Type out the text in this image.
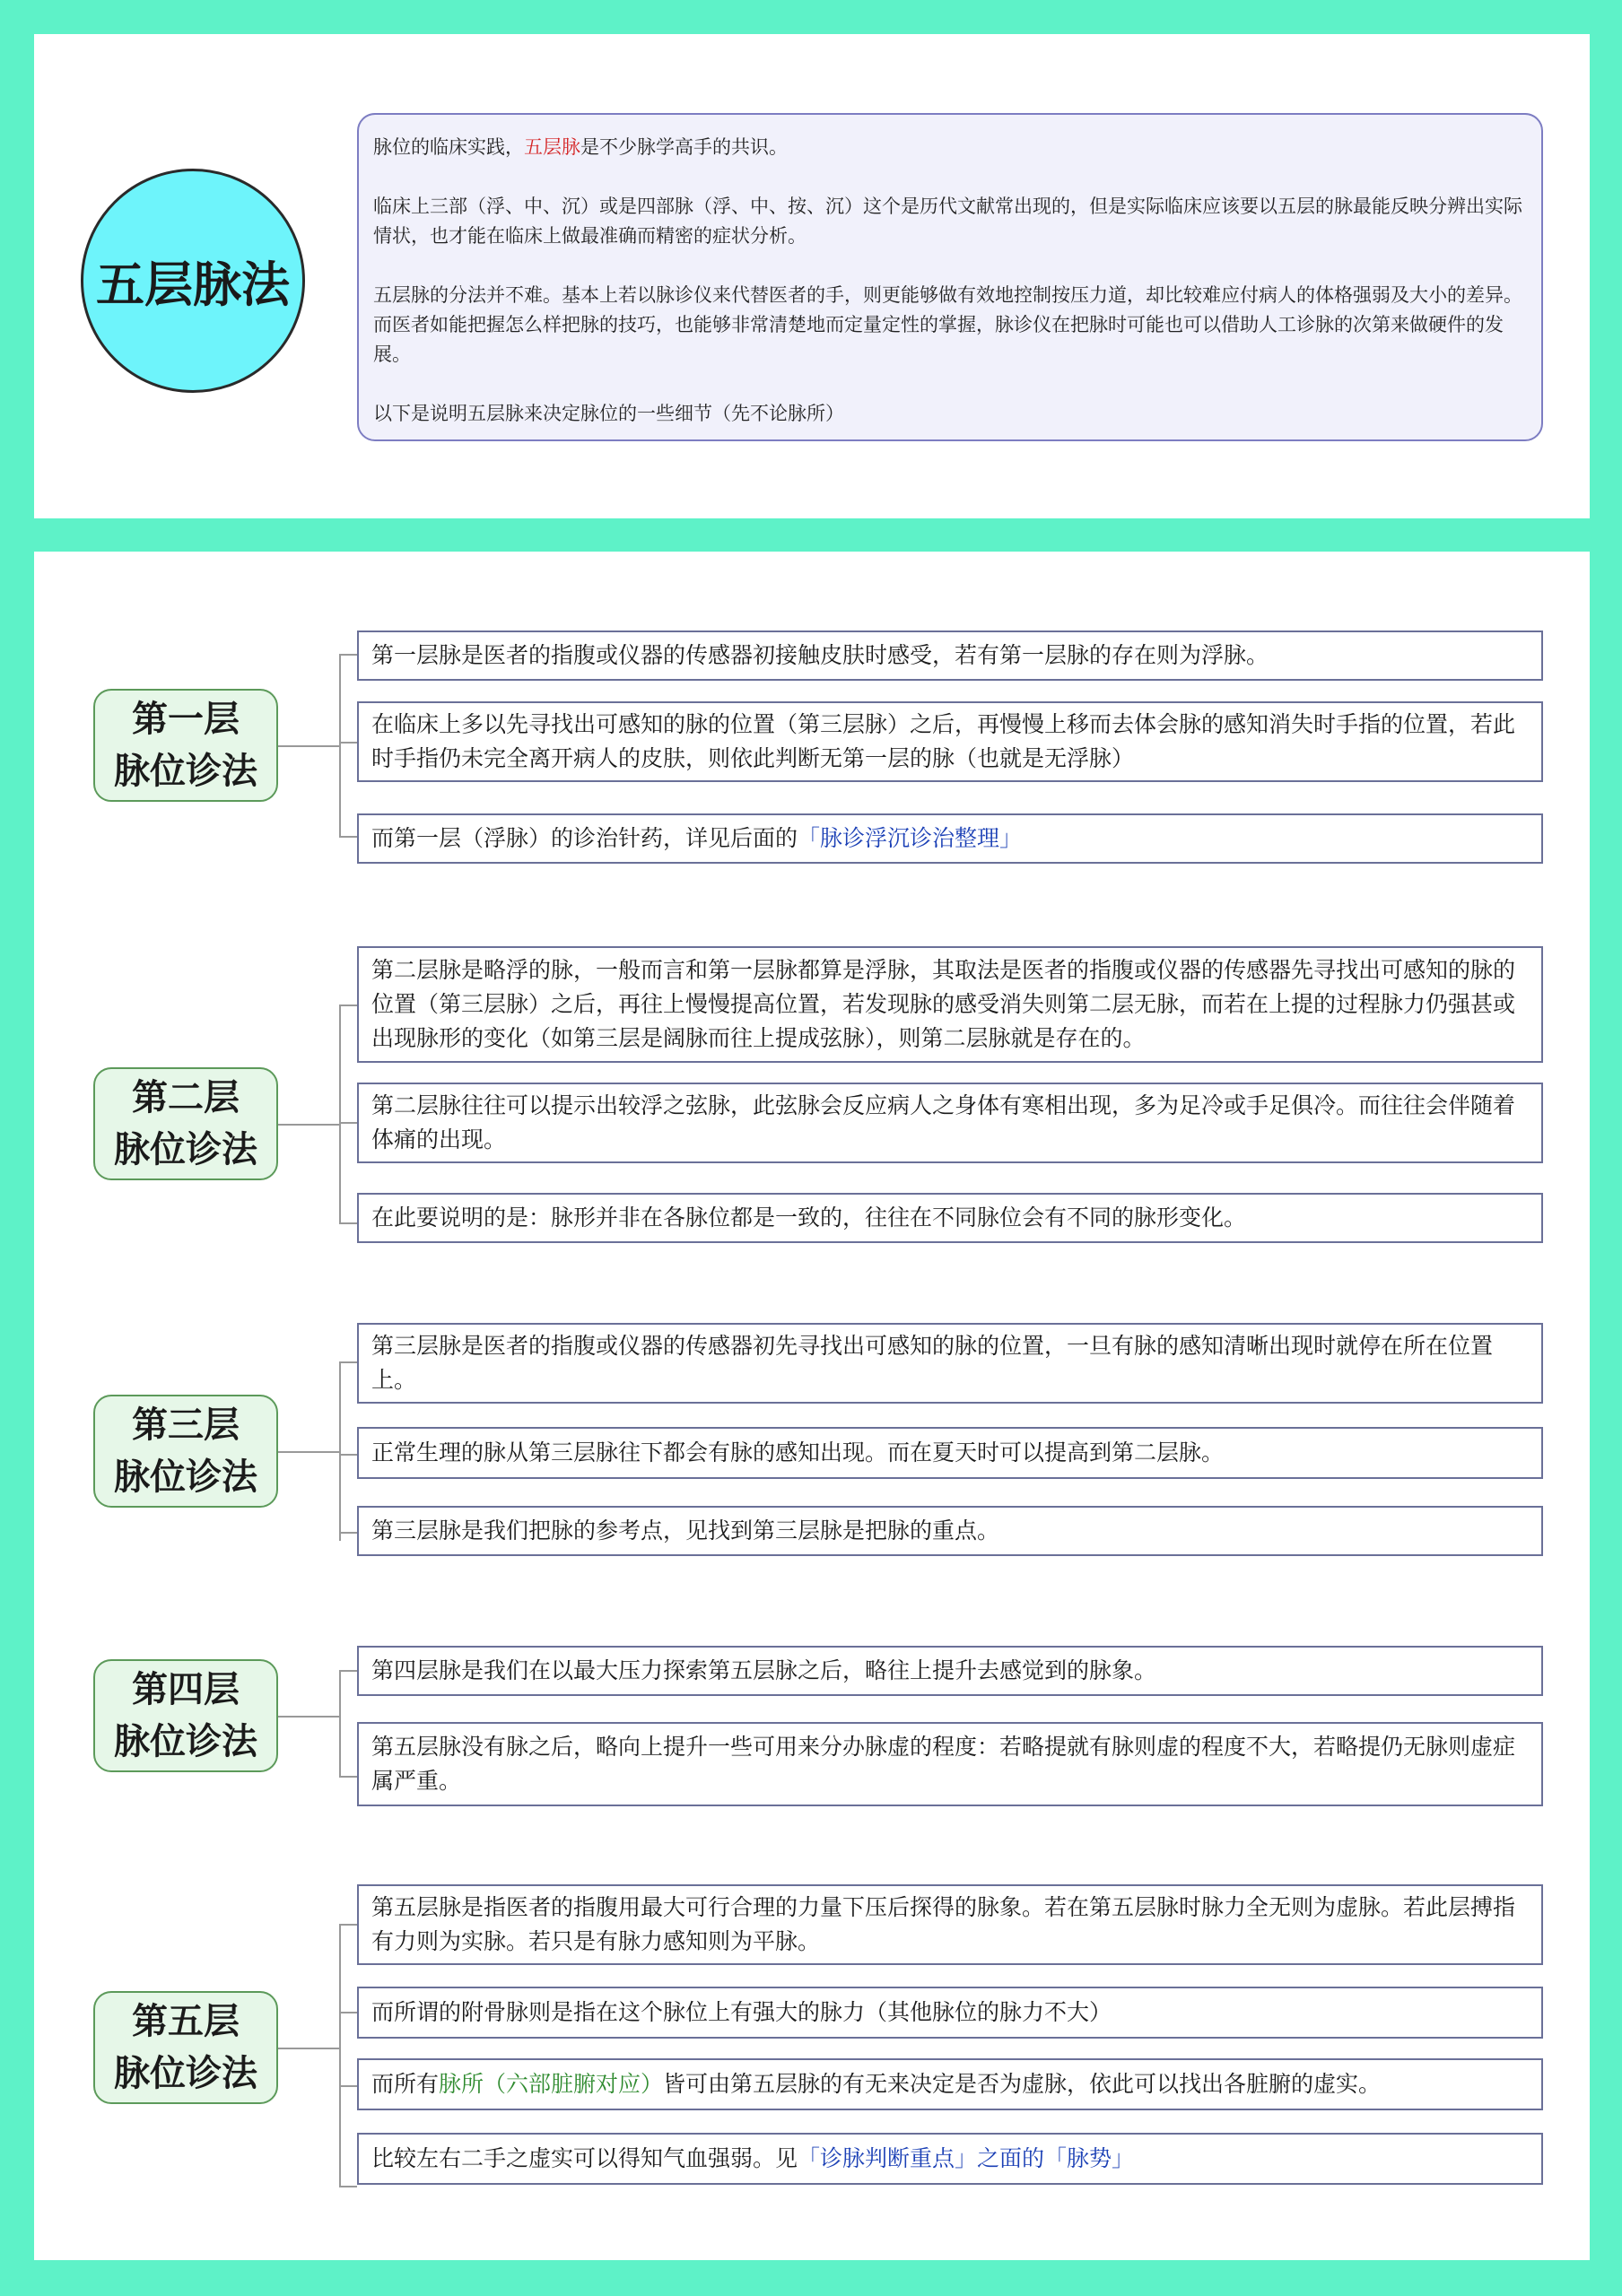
五层脉法

脉位的临床实践，五层脉是不少脉学高手的共识。

临床上三部（浮、中、沉）或是四部脉（浮、中、按、沉）这个是历代文献常出现的，但是实际临床应该要以五层的脉最能反映分辨出实际情状，也才能在临床上做最准确而精密的症状分析。

五层脉的分法并不难。基本上若以脉诊仪来代替医者的手，则更能够做有效地控制按压力道，却比较难应付病人的体格强弱及大小的差异。而医者如能把握怎么样把脉的技巧，也能够非常清楚地而定量定性的掌握，脉诊仪在把脉时可能也可以借助人工诊脉的次第来做硬件的发展。

以下是说明五层脉来决定脉位的一些细节（先不论脉所）

第一层
脉位诊法
第一层脉是医者的指腹或仪器的传感器初接触皮肤时感受，若有第一层脉的存在则为浮脉。
在临床上多以先寻找出可感知的脉的位置（第三层脉）之后，再慢慢上移而去体会脉的感知消失时手指的位置，若此时手指仍未完全离开病人的皮肤，则依此判断无第一层的脉（也就是无浮脉）
而第一层（浮脉）的诊治针药，详见后面的「脉诊浮沉诊治整理」
第二层
脉位诊法
第二层脉是略浮的脉，一般而言和第一层脉都算是浮脉，其取法是医者的指腹或仪器的传感器先寻找出可感知的脉的位置（第三层脉）之后，再往上慢慢提高位置，若发现脉的感受消失则第二层无脉，而若在上提的过程脉力仍强甚或出现脉形的变化（如第三层是阔脉而往上提成弦脉），则第二层脉就是存在的。
第二层脉往往可以提示出较浮之弦脉，此弦脉会反应病人之身体有寒相出现，多为足冷或手足俱冷。而往往会伴随着体痛的出现。
在此要说明的是：脉形并非在各脉位都是一致的，往往在不同脉位会有不同的脉形变化。
第三层
脉位诊法
第三层脉是医者的指腹或仪器的传感器初先寻找出可感知的脉的位置，一旦有脉的感知清晰出现时就停在所在位置上。
正常生理的脉从第三层脉往下都会有脉的感知出现。而在夏天时可以提高到第二层脉。
第三层脉是我们把脉的参考点，见找到第三层脉是把脉的重点。
第四层
脉位诊法
第四层脉是我们在以最大压力探索第五层脉之后，略往上提升去感觉到的脉象。
第五层脉没有脉之后，略向上提升一些可用来分办脉虚的程度：若略提就有脉则虚的程度不大，若略提仍无脉则虚症属严重。
第五层
脉位诊法
第五层脉是指医者的指腹用最大可行合理的力量下压后探得的脉象。若在第五层脉时脉力全无则为虚脉。若此层搏指有力则为实脉。若只是有脉力感知则为平脉。
而所谓的附骨脉则是指在这个脉位上有强大的脉力（其他脉位的脉力不大）
而所有脉所（六部脏腑对应）皆可由第五层脉的有无来决定是否为虚脉，依此可以找出各脏腑的虚实。
比较左右二手之虚实可以得知气血强弱。见「诊脉判断重点」之面的「脉势」
